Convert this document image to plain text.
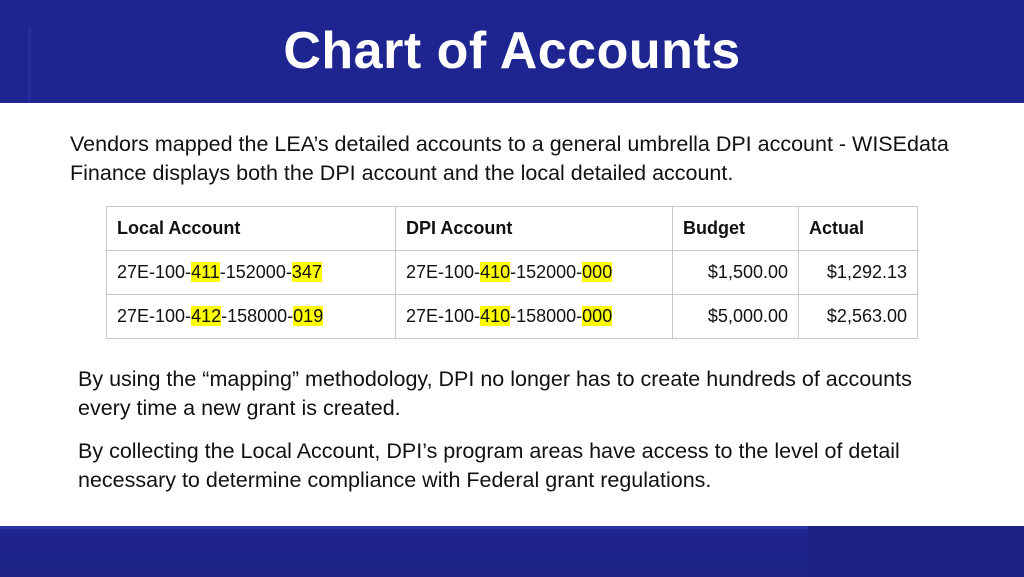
Chart of Accounts
Vendors mapped the LEA’s detailed accounts to a general umbrella DPI account - WISEdata Finance displays both the DPI account and the local detailed account.
Local Account	DPI Account	Budget	Actual
27E-100-411-152000-347	27E-100-410-152000-000	$1,500.00	$1,292.13
27E-100-412-158000-019	27E-100-410-158000-000	$5,000.00	$2,563.00
By using the “mapping” methodology, DPI no longer has to create hundreds of accounts every time a new grant is created.
By collecting the Local Account, DPI’s program areas have access to the level of detail necessary to determine compliance with Federal grant regulations.
